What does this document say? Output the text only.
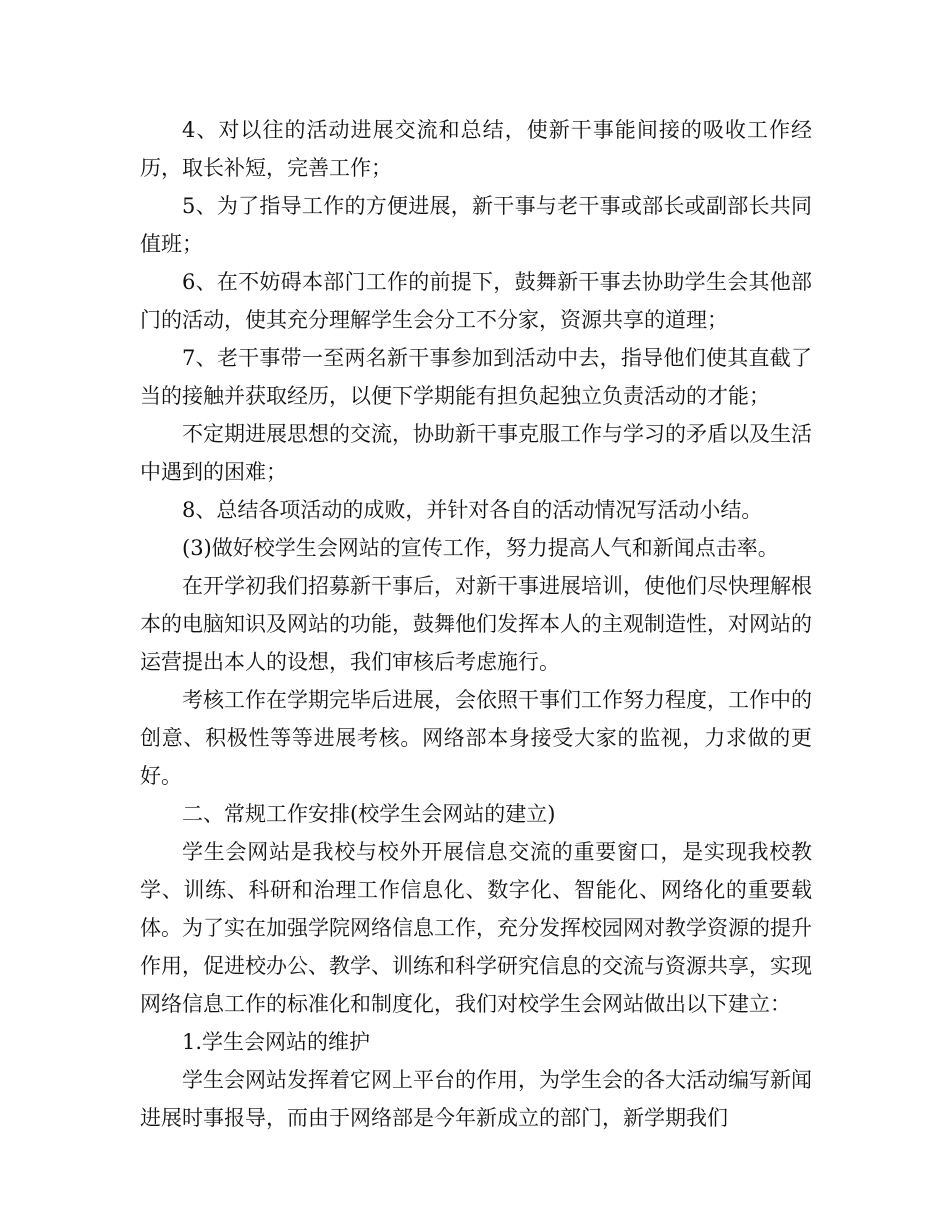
4、对以往的活动进展交流和总结，使新干事能间接的吸收工作经历，取长补短，完善工作；

5、为了指导工作的方便进展，新干事与老干事或部长或副部长共同值班；

6、在不妨碍本部门工作的前提下，鼓舞新干事去协助学生会其他部门的活动，使其充分理解学生会分工不分家，资源共享的道理；

7、老干事带一至两名新干事参加到活动中去，指导他们使其直截了当的接触并获取经历，以便下学期能有担负起独立负责活动的才能；

不定期进展思想的交流，协助新干事克服工作与学习的矛盾以及生活中遇到的困难；

8、总结各项活动的成败，并针对各自的活动情况写活动小结。

(3)做好校学生会网站的宣传工作，努力提高人气和新闻点击率。

在开学初我们招募新干事后，对新干事进展培训，使他们尽快理解根本的电脑知识及网站的功能，鼓舞他们发挥本人的主观制造性，对网站的运营提出本人的设想，我们审核后考虑施行。

考核工作在学期完毕后进展，会依照干事们工作努力程度，工作中的创意、积极性等等进展考核。网络部本身接受大家的监视，力求做的更好。

二、常规工作安排(校学生会网站的建立)

学生会网站是我校与校外开展信息交流的重要窗口，是实现我校教学、训练、科研和治理工作信息化、数字化、智能化、网络化的重要载体。为了实在加强学院网络信息工作，充分发挥校园网对教学资源的提升作用，促进校办公、教学、训练和科学研究信息的交流与资源共享，实现网络信息工作的标准化和制度化，我们对校学生会网站做出以下建立：

1.学生会网站的维护

学生会网站发挥着它网上平台的作用，为学生会的各大活动编写新闻进展时事报导，而由于网络部是今年新成立的部门，新学期我们
